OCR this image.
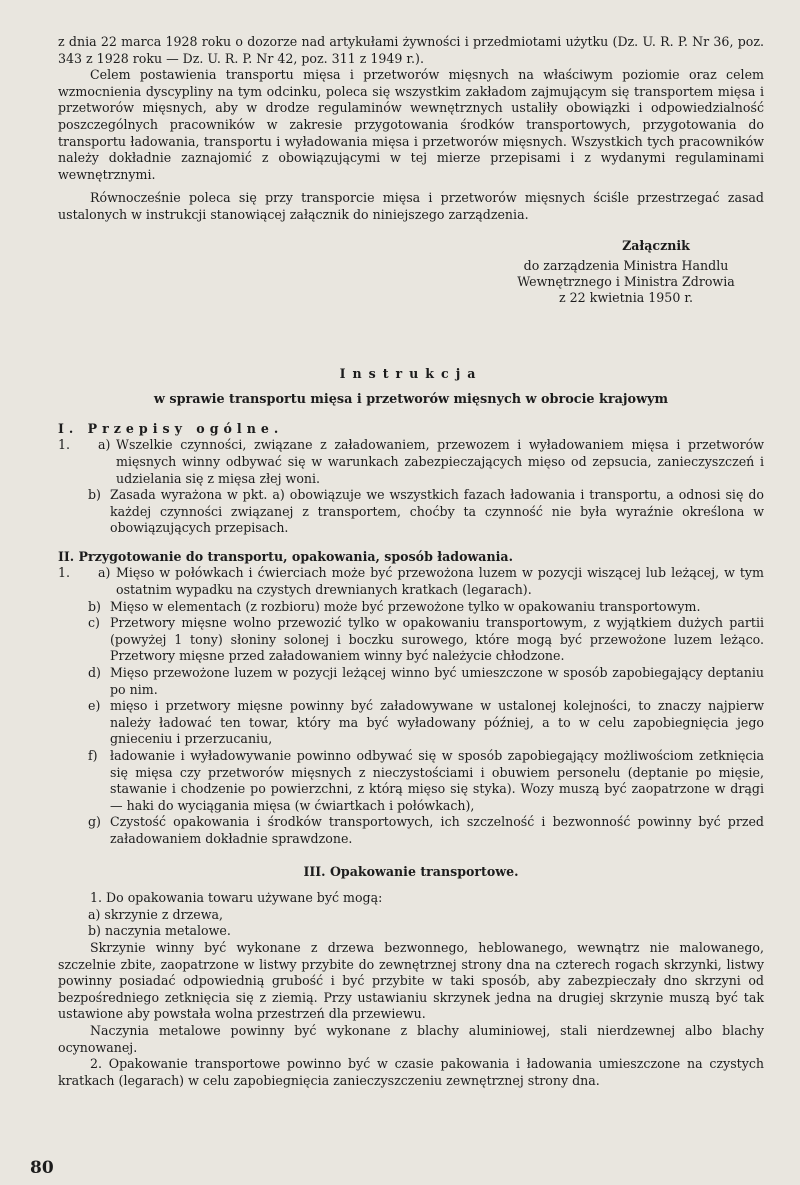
z dnia 22 marca 1928 roku o dozorze nad artykułami żywności i przedmiotami użytku (Dz. U. R. P. Nr 36, poz. 343 z 1928 roku — Dz. U. R. P. Nr 42, poz. 311 z 1949 r.).

Celem postawienia transportu mięsa i przetworów mięsnych na właściwym poziomie oraz celem wzmocnienia dyscypliny na tym odcinku, poleca się wszystkim zakładom zajmującym się transportem mięsa i przetworów mięsnych, aby w drodze regulaminów wewnętrznych ustaliły obowiązki i odpowiedzialność poszczególnych pracowników w zakresie przygotowania środków transportowych, przygotowania do transportu ładowania, transportu i wyładowania mięsa i przetworów mięsnych. Wszystkich tych pracowników należy dokładnie zaznajomić z obowiązującymi w tej mierze przepisami i z wydanymi regulaminami wewnętrznymi.

Równocześnie poleca się przy transporcie mięsa i przetworów mięsnych ściśle przestrzegać zasad ustalonych w instrukcji stanowiącej załącznik do niniejszego zarządzenia.

Załącznik
do zarządzenia Ministra Handlu
Wewnętrznego i Ministra Zdrowia
z 22 kwietnia 1950 r.
Instrukcja
w sprawie transportu mięsa i przetworów mięsnych w obrocie krajowym
I. Przepisy ogólne.
1.	a) Wszelkie czynności, związane z załadowaniem, przewozem i wyładowaniem mięsa i przetworów mięsnych winny odbywać się w warunkach zabezpieczających mięso od zepsucia, zanieczyszczeń i udzielania się z mięsa złej woni.
b) Zasada wyrażona w pkt. a) obowiązuje we wszystkich fazach ładowania i transportu, a odnosi się do każdej czynności związanej z transportem, choćby ta czynność nie była wyraźnie określona w obowiązujących przepisach.
II. Przygotowanie do transportu, opakowania, sposób ładowania.
1.	a) Mięso w połówkach i ćwierciach może być przewożona luzem w pozycji wiszącej lub leżącej, w tym ostatnim wypadku na czystych drewnianych kratkach (legarach).
b) Mięso w elementach (z rozbioru) może być przewożone tylko w opakowaniu transportowym.
c) Przetwory mięsne wolno przewozić tylko w opakowaniu transportowym, z wyjątkiem dużych partii (powyżej 1 tony) słoniny solonej i boczku surowego, które mogą być przewożone luzem leżąco. Przetwory mięsne przed załadowaniem winny być należycie chłodzone.
d) Mięso przewożone luzem w pozycji leżącej winno być umieszczone w sposób zapobiegający deptaniu po nim.
e) mięso i przetwory mięsne powinny być załadowywane w ustalonej kolejności, to znaczy najpierw należy ładować ten towar, który ma być wyładowany później, a to w celu zapobiegnięcia jego gnieceniu i przerzucaniu,
f) ładowanie i wyładowywanie powinno odbywać się w sposób zapobiegający możliwościom zetknięcia się mięsa czy przetworów mięsnych z nieczystościami i obuwiem personelu (deptanie po mięsie, stawanie i chodzenie po powierzchni, z którą mięso się styka). Wozy muszą być zaopatrzone w drągi — haki do wyciągania mięsa (w ćwiartkach i połówkach),
g) Czystość opakowania i środków transportowych, ich szczelność i bezwonność powinny być przed załadowaniem dokładnie sprawdzone.
III. Opakowanie transportowe.

1. Do opakowania towaru używane być mogą:

a) skrzynie z drzewa,
b) naczynia metalowe.

Skrzynie winny być wykonane z drzewa bezwonnego, heblowanego, wewnątrz nie malowanego, szczelnie zbite, zaopatrzone w listwy przybite do zewnętrznej strony dna na czterech rogach skrzynki, listwy powinny posiadać odpowiednią grubość i być przybite w taki sposób, aby zabezpieczały dno skrzyni od bezpośredniego zetknięcia się z ziemią. Przy ustawianiu skrzynek jedna na drugiej skrzynie muszą być tak ustawione aby powstała wolna przestrzeń dla przewiewu.

Naczynia metalowe powinny być wykonane z blachy aluminiowej, stali nierdzewnej albo blachy ocynowanej.

2. Opakowanie transportowe powinno być w czasie pakowania i ładowania umieszczone na czystych kratkach (legarach) w celu zapobiegnięcia zanieczyszczeniu zewnętrznej strony dna.

80
